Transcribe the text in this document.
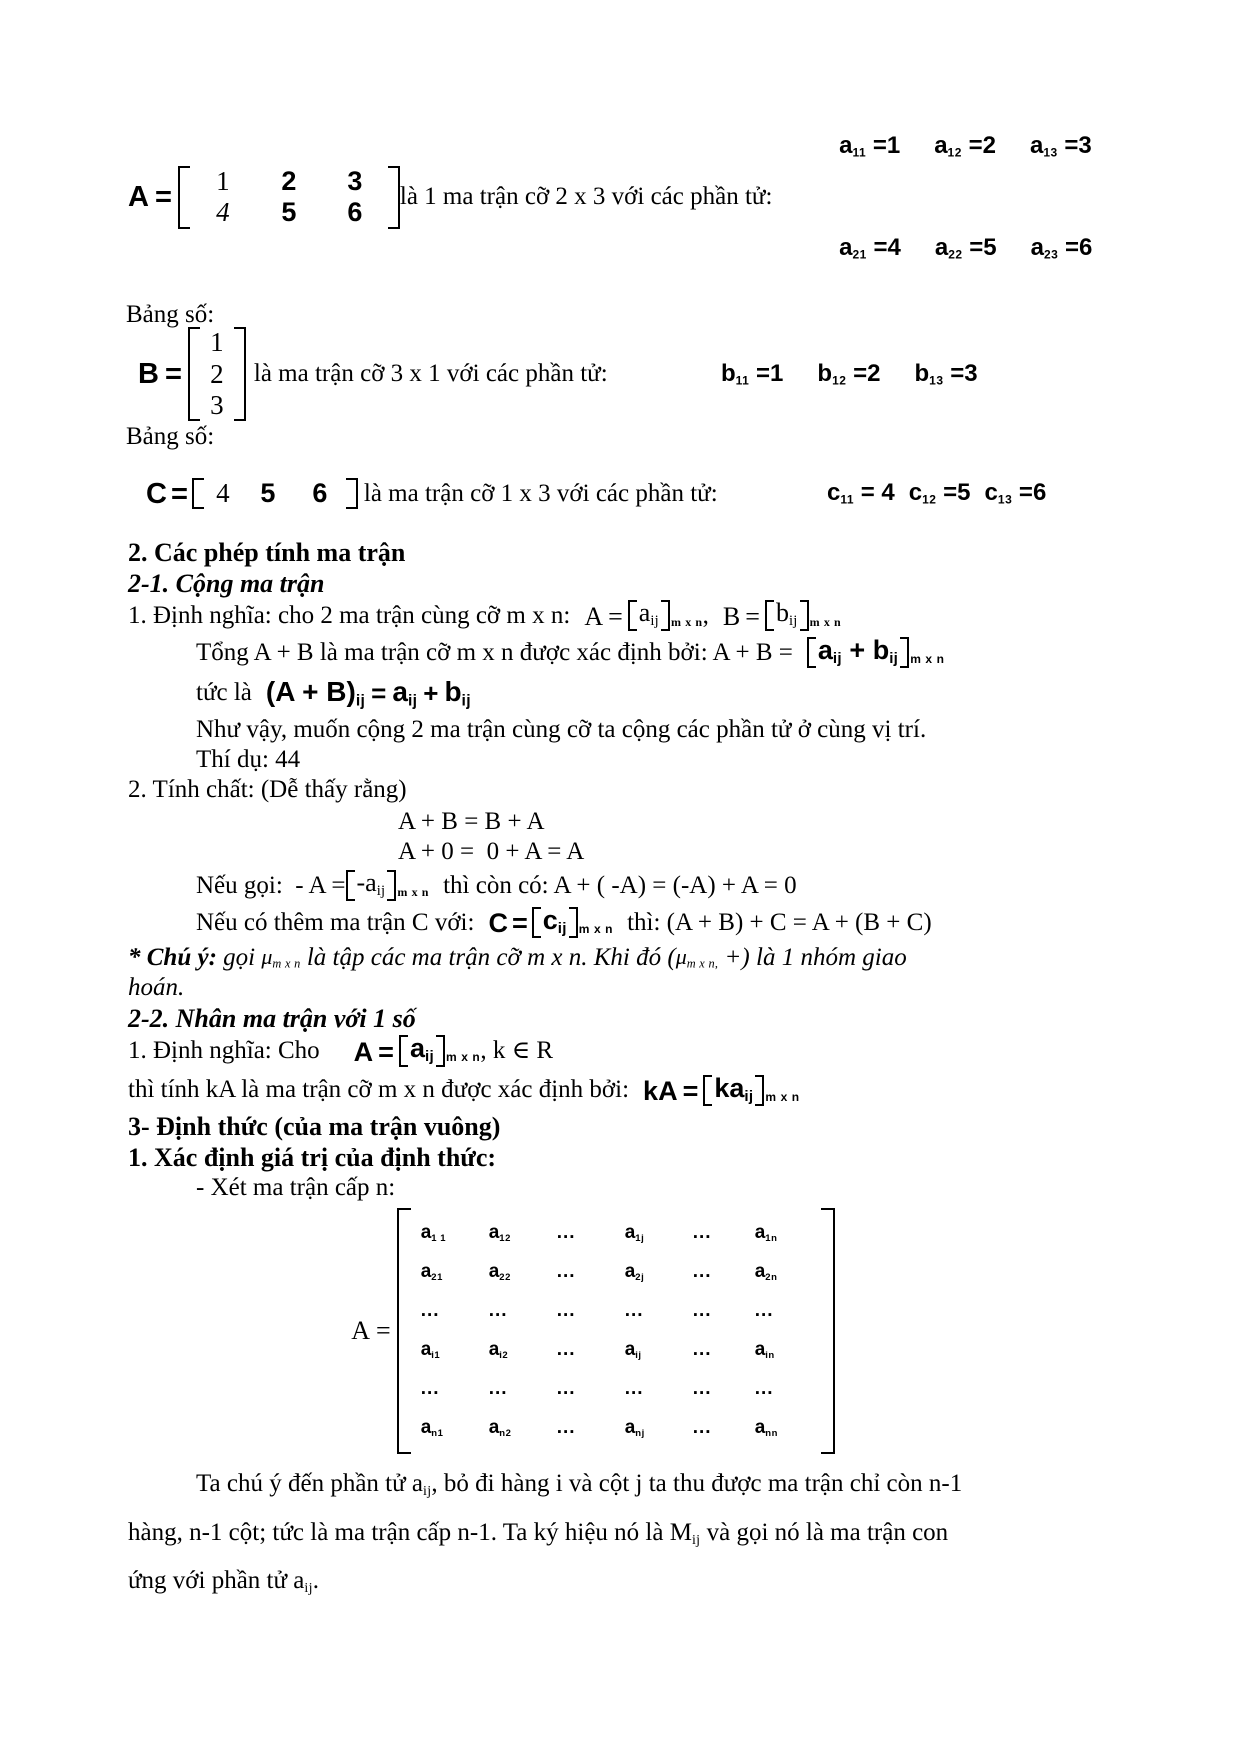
A =
1	2	3
4	5	6
là 1 ma trận cỡ 2 x 3 với các phần tử:

$a_{11} =1$ $a_{12} =2$ $a_{13} =3$

$a_{21} =4$ $a_{22} =5$ $a_{23} =6$

Bảng số:
B =
1
2
3
là ma trận cỡ 3 x 1 với các phần tử:	$b_{11} =1$ $b_{12} =2$ $b_{13} =3$

Bảng số:
C =	4	5	6	là ma trận cỡ 1 x 3 với các phần tử:	$c_{11} = 4$ $c_{12} =5$ $c_{13} =6$

2. Các phép tính ma trận
2-1. Cộng ma trận
1. Định nghĩa: cho 2 ma trận cùng cỡ m x n: $A = a_{ij}$ m x n , $B = b_{ij}$ m x n
Tổng A + B là ma trận cỡ m x n được xác định bởi: $A + B = a_{ij} + b_{ij}$ m x n
tức là $(A + B)_{ij} = a_{ij} + b_{ij}$
Như vậy, muốn cộng 2 ma trận cùng cỡ ta cộng các phần tử ở cùng vị trí.
Thí dụ: 44
2. Tính chất: (Dễ thấy rằng)
A + B = B + A
A + 0 =  0 + A = A
Nếu gọi:  - $A = -a_{ij}$ m x n thì còn có: A + ( -A) = (-A) + A = 0
Nếu có thêm ma trận C với: $C = c_{ij}$ m x n thì: (A + B) + C = A + (B + C)
* Chú ý: gọi $\mu_{m x n}$ là tập các ma trận cỡ m x n. Khi đó ( $\mu_{m x n,}$ +) là 1 nhóm giao
hoán.
2-2. Nhân ma trận với 1 số
1. Định nghĩa: Cho $A = a_{ij}$ m x n , k ∈ R
thì tính kA là ma trận cỡ m x n được xác định bởi: kA = $ka_{ij}$ m x n
3- Định thức (của ma trận vuông)
1. Xác định giá trị của định thức:
- Xét ma trận cấp n:
A =
$a_{1 1}$	$a_{12}$	...	$a_{1j}$	...	$a_{1n}$
$a_{21}$	$a_{22}$	...	$a_{2j}$	...	$a_{2n}$
...	...	...	...	...	...
$a_{i1}$	$a_{i2}$	...	$a_{ij}$	...	$a_{in}$
...	...	...	...	...	...
$a_{n1}$	$a_{n2}$	...	$a_{nj}$	...	$a_{nn}$
Ta chú ý đến phần tử $a_{ij}$, bỏ đi hàng i và cột j ta thu được ma trận chỉ còn n-1
hàng, n-1 cột; tức là ma trận cấp n-1. Ta ký hiệu nó là $M_{ij}$ và gọi nó là ma trận con
ứng với phần tử $a_{ij}$.
